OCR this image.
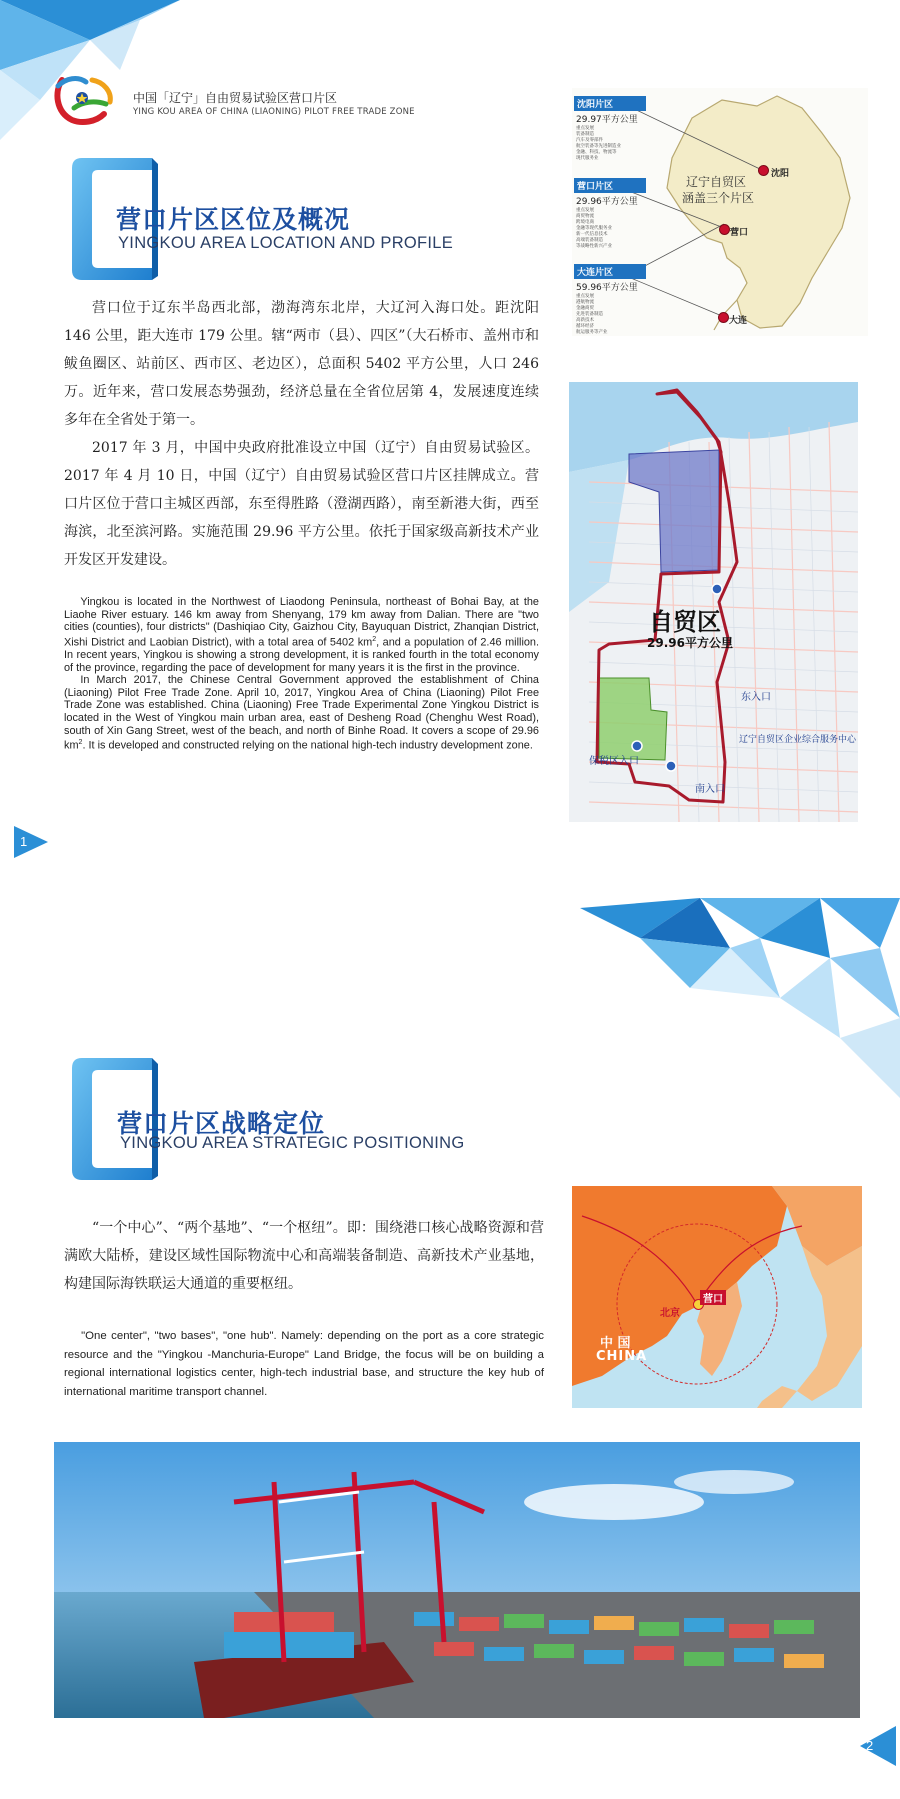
中国「辽宁」自由贸易试验区营口片区
YING KOU AREA OF CHINA (LIAONING) PILOT FREE TRADE ZONE
营口片区区位及概况
YINGKOU AREA LOCATION AND PROFILE

营口位于辽东半岛西北部，渤海湾东北岸，大辽河入海口处。距沈阳 146 公里，距大连市 179 公里。辖“两市（县）、四区”（大石桥市、盖州市和鲅鱼圈区、站前区、西市区、老边区），总面积 5402 平方公里，人口 246 万。近年来，营口发展态势强劲，经济总量在全省位居第 4，发展速度连续多年在全省处于第一。

2017 年 3 月，中国中央政府批准设立中国（辽宁）自由贸易试验区。2017 年 4 月 10 日，中国（辽宁）自由贸易试验区营口片区挂牌成立。营口片区位于营口主城区西部，东至得胜路（澄湖西路），南至新港大街，西至海滨，北至滨河路。实施范围 29.96 平方公里。依托于国家级高新技术产业开发区开发建设。

Yingkou is located in the Northwest of Liaodong Peninsula, northeast of Bohai Bay, at the Liaohe River estuary. 146 km away from Shenyang, 179 km away from Dalian. There are "two cities (counties), four districts" (Dashiqiao City, Gaizhou City, Bayuquan District, Zhanqian District, Xishi District and Laobian District), with a total area of 5402 $km^2$, and a population of 2.46 million. In recent years, Yingkou is showing a strong development, it is ranked fourth in the total economy of the province, regarding the pace of development for many years it is the first in the province.

In March 2017, the Chinese Central Government approved the establishment of China (Liaoning) Pilot Free Trade Zone. April 10, 2017, Yingkou Area of China (Liaoning) Pilot Free Trade Zone was established. China (Liaoning) Free Trade Experimental Zone Yingkou District is located in the West of Yingkou main urban area, east of Desheng Road (Chenghu West Road), south of Xin Gang Street, west of the beach, and north of Binhe Road. It covers a scope of 29.96 $km^2$. It is developed and constructed relying on the national high-tech industry development zone.

1
沈阳片区
29.97平方公里
重点发展
装备制造
汽车及零部件
航空装备等先进制造业
金融、科技、物流等
现代服务业
营口片区
29.96平方公里
重点发展
商贸物流
跨境电商
金融等现代服务业
新一代信息技术
高端装备制造
等战略性新兴产业
大连片区
59.96平方公里
重点发展
港航物流
金融商贸
先进装备制造
高新技术
循环经济
航运服务等产业
辽宁自贸区
涵盖三个片区
沈阳
营口
大连
自贸区
29.96平方公里
东入口
辽宁自贸区企业综合服务中心
保税区入口
南入口
营口片区战略定位
YINGKOU AREA STRATEGIC POSITIONING

“一个中心”、“两个基地”、“一个枢纽”。即：围绕港口核心战略资源和营满欧大陆桥，建设区域性国际物流中心和高端装备制造、高新技术产业基地，构建国际海铁联运大通道的重要枢纽。

"One center", "two bases", "one hub". Namely: depending on the port as a core strategic resource and the "Yingkou -Manchuria-Europe" Land Bridge, the focus will be on building a regional international logistics center, high-tech industrial base, and structure the key hub of international maritime transport channel.

营口
北京
中 国
CHINA
2
